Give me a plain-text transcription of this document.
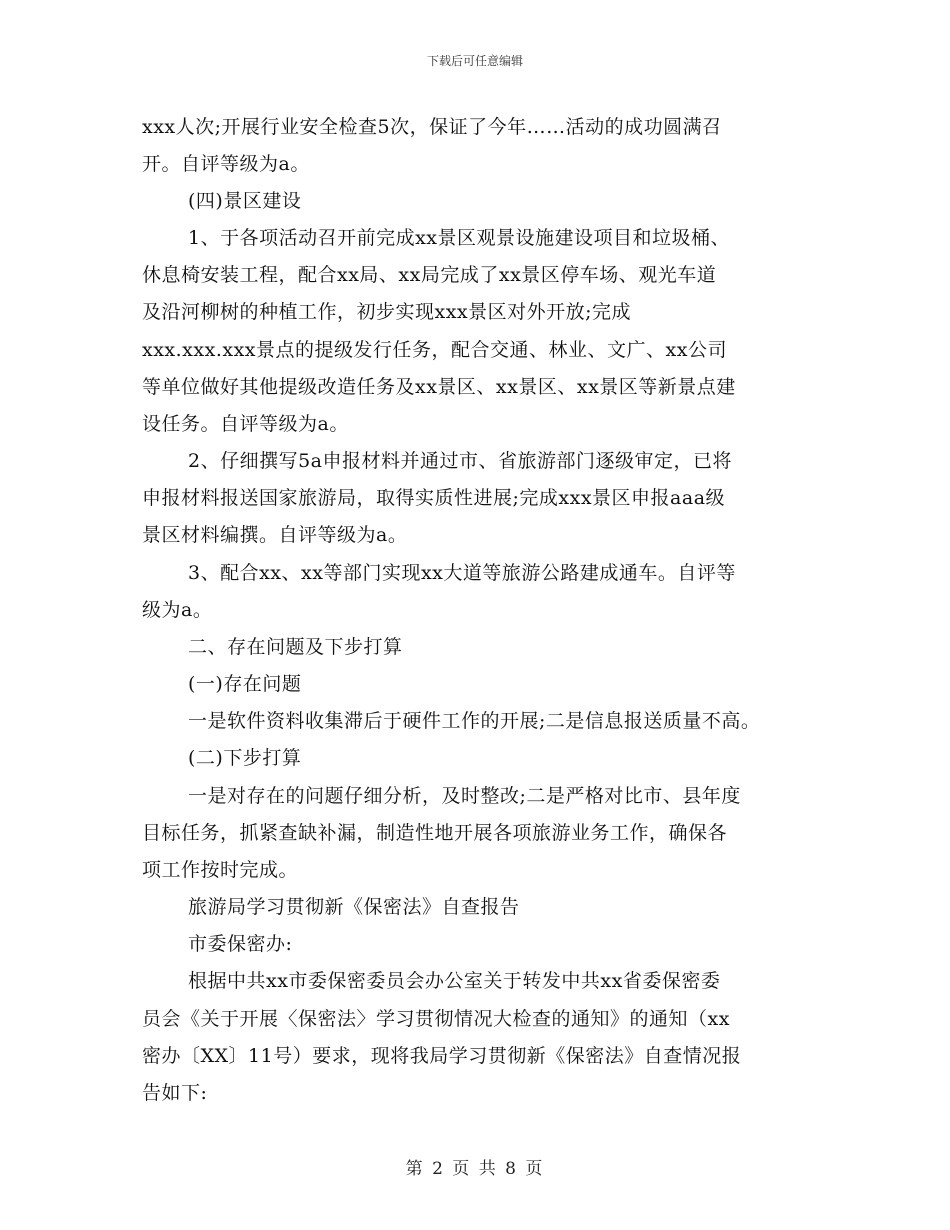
下载后可任意编辑
xxx人次;开展行业安全检查5次，保证了今年……活动的成功圆满召
开。自评等级为a。
(四)景区建设
1、于各项活动召开前完成xx景区观景设施建设项目和垃圾桶、
休息椅安装工程，配合xx局、xx局完成了xx景区停车场、观光车道
及沿河柳树的种植工作，初步实现xxx景区对外开放;完成
xxx.xxx.xxx景点的提级发行任务，配合交通、林业、文广、xx公司
等单位做好其他提级改造任务及xx景区、xx景区、xx景区等新景点建
设任务。自评等级为a。
2、仔细撰写5a申报材料并通过市、省旅游部门逐级审定，已将
申报材料报送国家旅游局，取得实质性进展;完成xxx景区申报aaa级
景区材料编撰。自评等级为a。
3、配合xx、xx等部门实现xx大道等旅游公路建成通车。自评等
级为a。
二、存在问题及下步打算
(一)存在问题
一是软件资料收集滞后于硬件工作的开展;二是信息报送质量不高。
(二)下步打算
一是对存在的问题仔细分析，及时整改;二是严格对比市、县年度
目标任务，抓紧查缺补漏，制造性地开展各项旅游业务工作，确保各
项工作按时完成。
旅游局学习贯彻新《保密法》自查报告
市委保密办:
根据中共xx市委保密委员会办公室关于转发中共xx省委保密委
员会《关于开展〈保密法〉学习贯彻情况大检查的通知》的通知（xx
密办〔XX〕11号）要求，现将我局学习贯彻新《保密法》自查情况报
告如下:
第 2 页 共 8 页
